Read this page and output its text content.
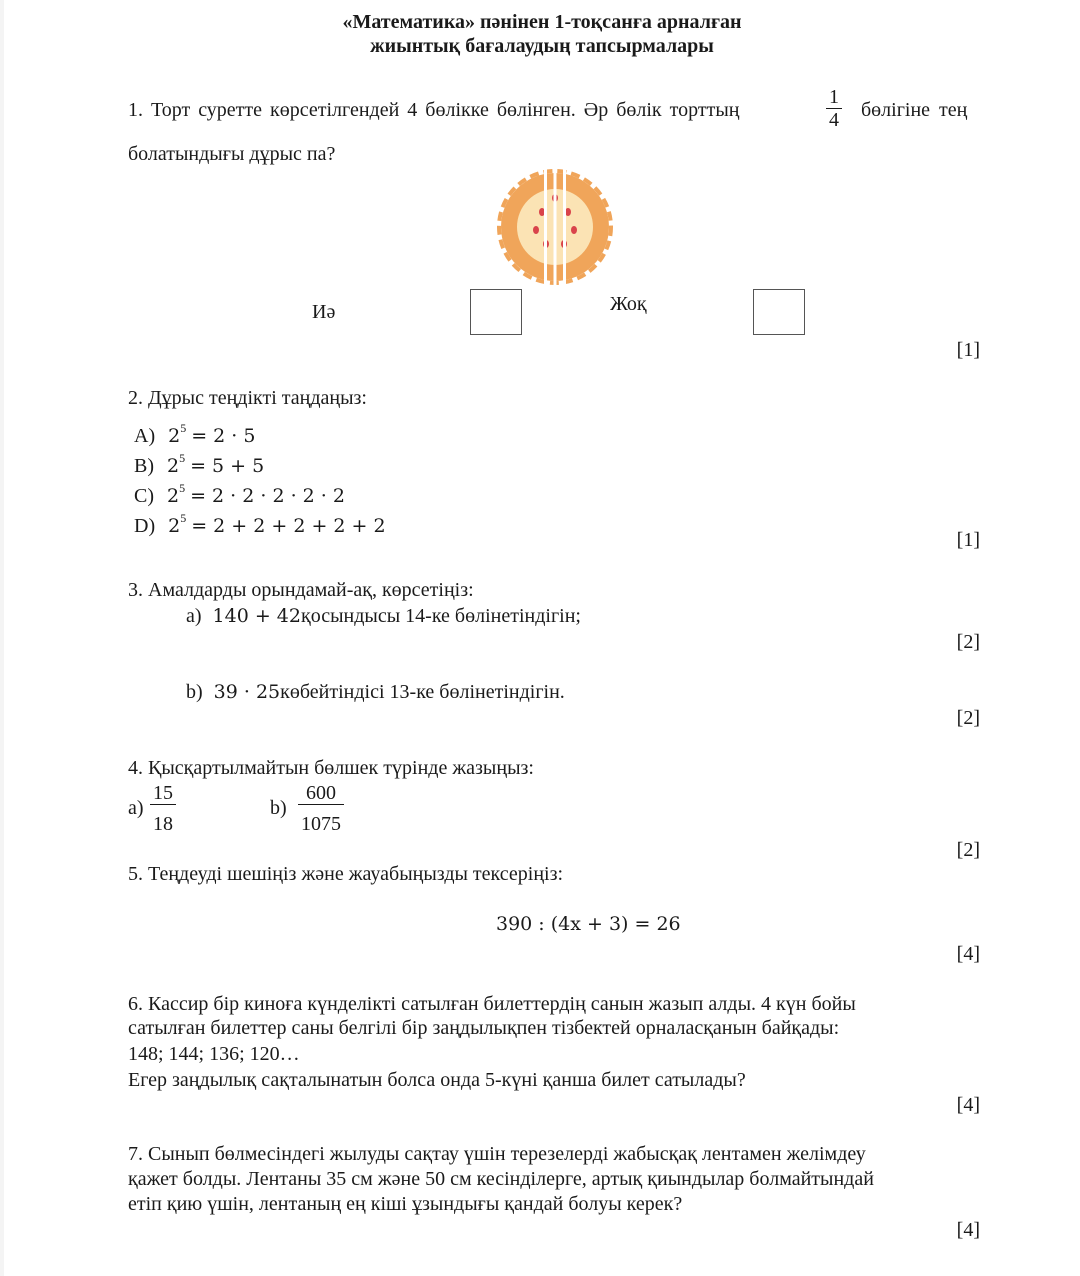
«Математика» пәнінен 1-тоқсанға арналған
жиынтық бағалаудың тапсырмалары
1. Торт суретте көрсетілгендей 4 бөлікке бөлінген. Әр бөлік торттың	$\frac{1}{4}$ бөлігіне тең
болатындығы дұрыс па?
Иә	Жоқ
[1]
2. Дұрыс теңдікті таңдаңыз:
A) $2^5 = 2 \cdot 5$
B) $2^5 = 5 + 5$
C) $2^5 = 2 \cdot 2 \cdot 2 \cdot 2 \cdot 2$
D) $2^5 = 2 + 2 + 2 + 2 + 2$
[1]
3. Амалдарды орындамай-ақ, көрсетіңіз:
a) 140 + 42қосындысы 14-ке бөлінетіндігін;
[2]
b) 39 · 25көбейтіндісі 13-ке бөлінетіндігін.
[2]
4. Қысқартылмайтын бөлшек түрінде жазыңыз:
$a) \frac{15}{18}$	$b) \frac{600}{1075}$
[2]
5. Теңдеуді шешіңіз және жауабыңызды тексеріңіз:
390 : (4x + 3) = 26
[4]
6. Кассир бір киноға күнделікті сатылған билеттердің санын жазып алды. 4 күн бойы
сатылған билеттер саны белгілі бір заңдылықпен тізбектей орналасқанын байқады:
148; 144; 136; 120…
Егер заңдылық сақталынатын болса онда 5-күні қанша билет сатылады?
[4]
7. Сынып бөлмесіндегі жылуды сақтау үшін терезелерді жабысқақ лентамен желімдеу
қажет болды. Лентаны 35 см және 50 см кесінділерге, артық қиындылар болмайтындай
етіп қию үшін, лентаның ең кіші ұзындығы қандай болуы керек?
[4]
